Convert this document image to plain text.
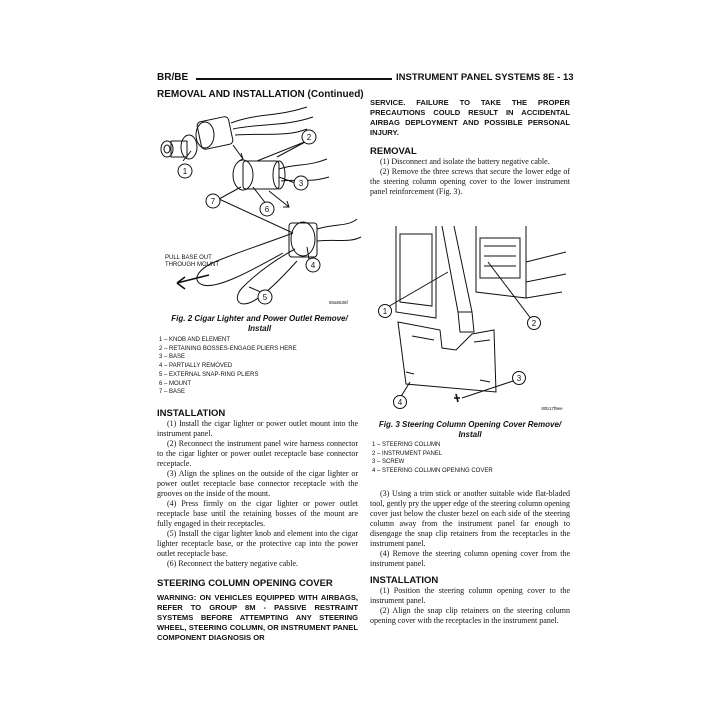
BR/BE	INSTRUMENT PANEL SYSTEMS 8E - 13
REMOVAL AND INSTALLATION (Continued)
1
2
3
4
5
6
7
PULL BASE OUT
THROUGH MOUNT
80a6536f
Fig. 2 Cigar Lighter and Power Outlet Remove/
Install
1 – KNOB AND ELEMENT
2 – RETAINING BOSSES-ENGAGE PLIERS HERE
3 – BASE
4 – PARTIALLY REMOVED
5 – EXTERNAL SNAP-RING PLIERS
6 – MOUNT
7 – BASE
INSTALLATION

(1) Install the cigar lighter or power outlet mount into the instrument panel.

(2) Reconnect the instrument panel wire harness connector to the cigar lighter or power outlet receptacle base connector receptacle.

(3) Align the splines on the outside of the cigar lighter or power outlet receptacle base connector receptacle with the grooves on the inside of the mount.

(4) Press firmly on the cigar lighter or power outlet receptacle base until the retaining bosses of the mount are fully engaged in their receptacles.

(5) Install the cigar lighter knob and element into the cigar lighter receptacle base, or the protective cap into the power outlet receptacle base.

(6) Reconnect the battery negative cable.

STEERING COLUMN OPENING COVER

WARNING: ON VEHICLES EQUIPPED WITH AIRBAGS, REFER TO GROUP 8M - PASSIVE RESTRAINT SYSTEMS BEFORE ATTEMPTING ANY STEERING WHEEL, STEERING COLUMN, OR INSTRUMENT PANEL COMPONENT DIAGNOSIS OR

SERVICE. FAILURE TO TAKE THE PROPER PRECAUTIONS COULD RESULT IN ACCIDENTAL AIRBAG DEPLOYMENT AND POSSIBLE PERSONAL INJURY.

REMOVAL

(1) Disconnect and isolate the battery negative cable.

(2) Remove the three screws that secure the lower edge of the steering column opening cover to the lower instrument panel reinforcement (Fig. 3).

1
2
3
4
80b17f9ee
Fig. 3 Steering Column Opening Cover Remove/
Install
1 – STEERING COLUMN
2 – INSTRUMENT PANEL
3 – SCREW
4 – STEERING COLUMN OPENING COVER

(3) Using a trim stick or another suitable wide flat-bladed tool, gently pry the upper edge of the steering column opening cover just below the cluster bezel on each side of the steering column away from the instrument panel far enough to disengage the snap clip retainers from the receptacles in the instrument panel.

(4) Remove the steering column opening cover from the instrument panel.

INSTALLATION

(1) Position the steering column opening cover to the instrument panel.

(2) Align the snap clip retainers on the steering column opening cover with the receptacles in the instrument panel.
